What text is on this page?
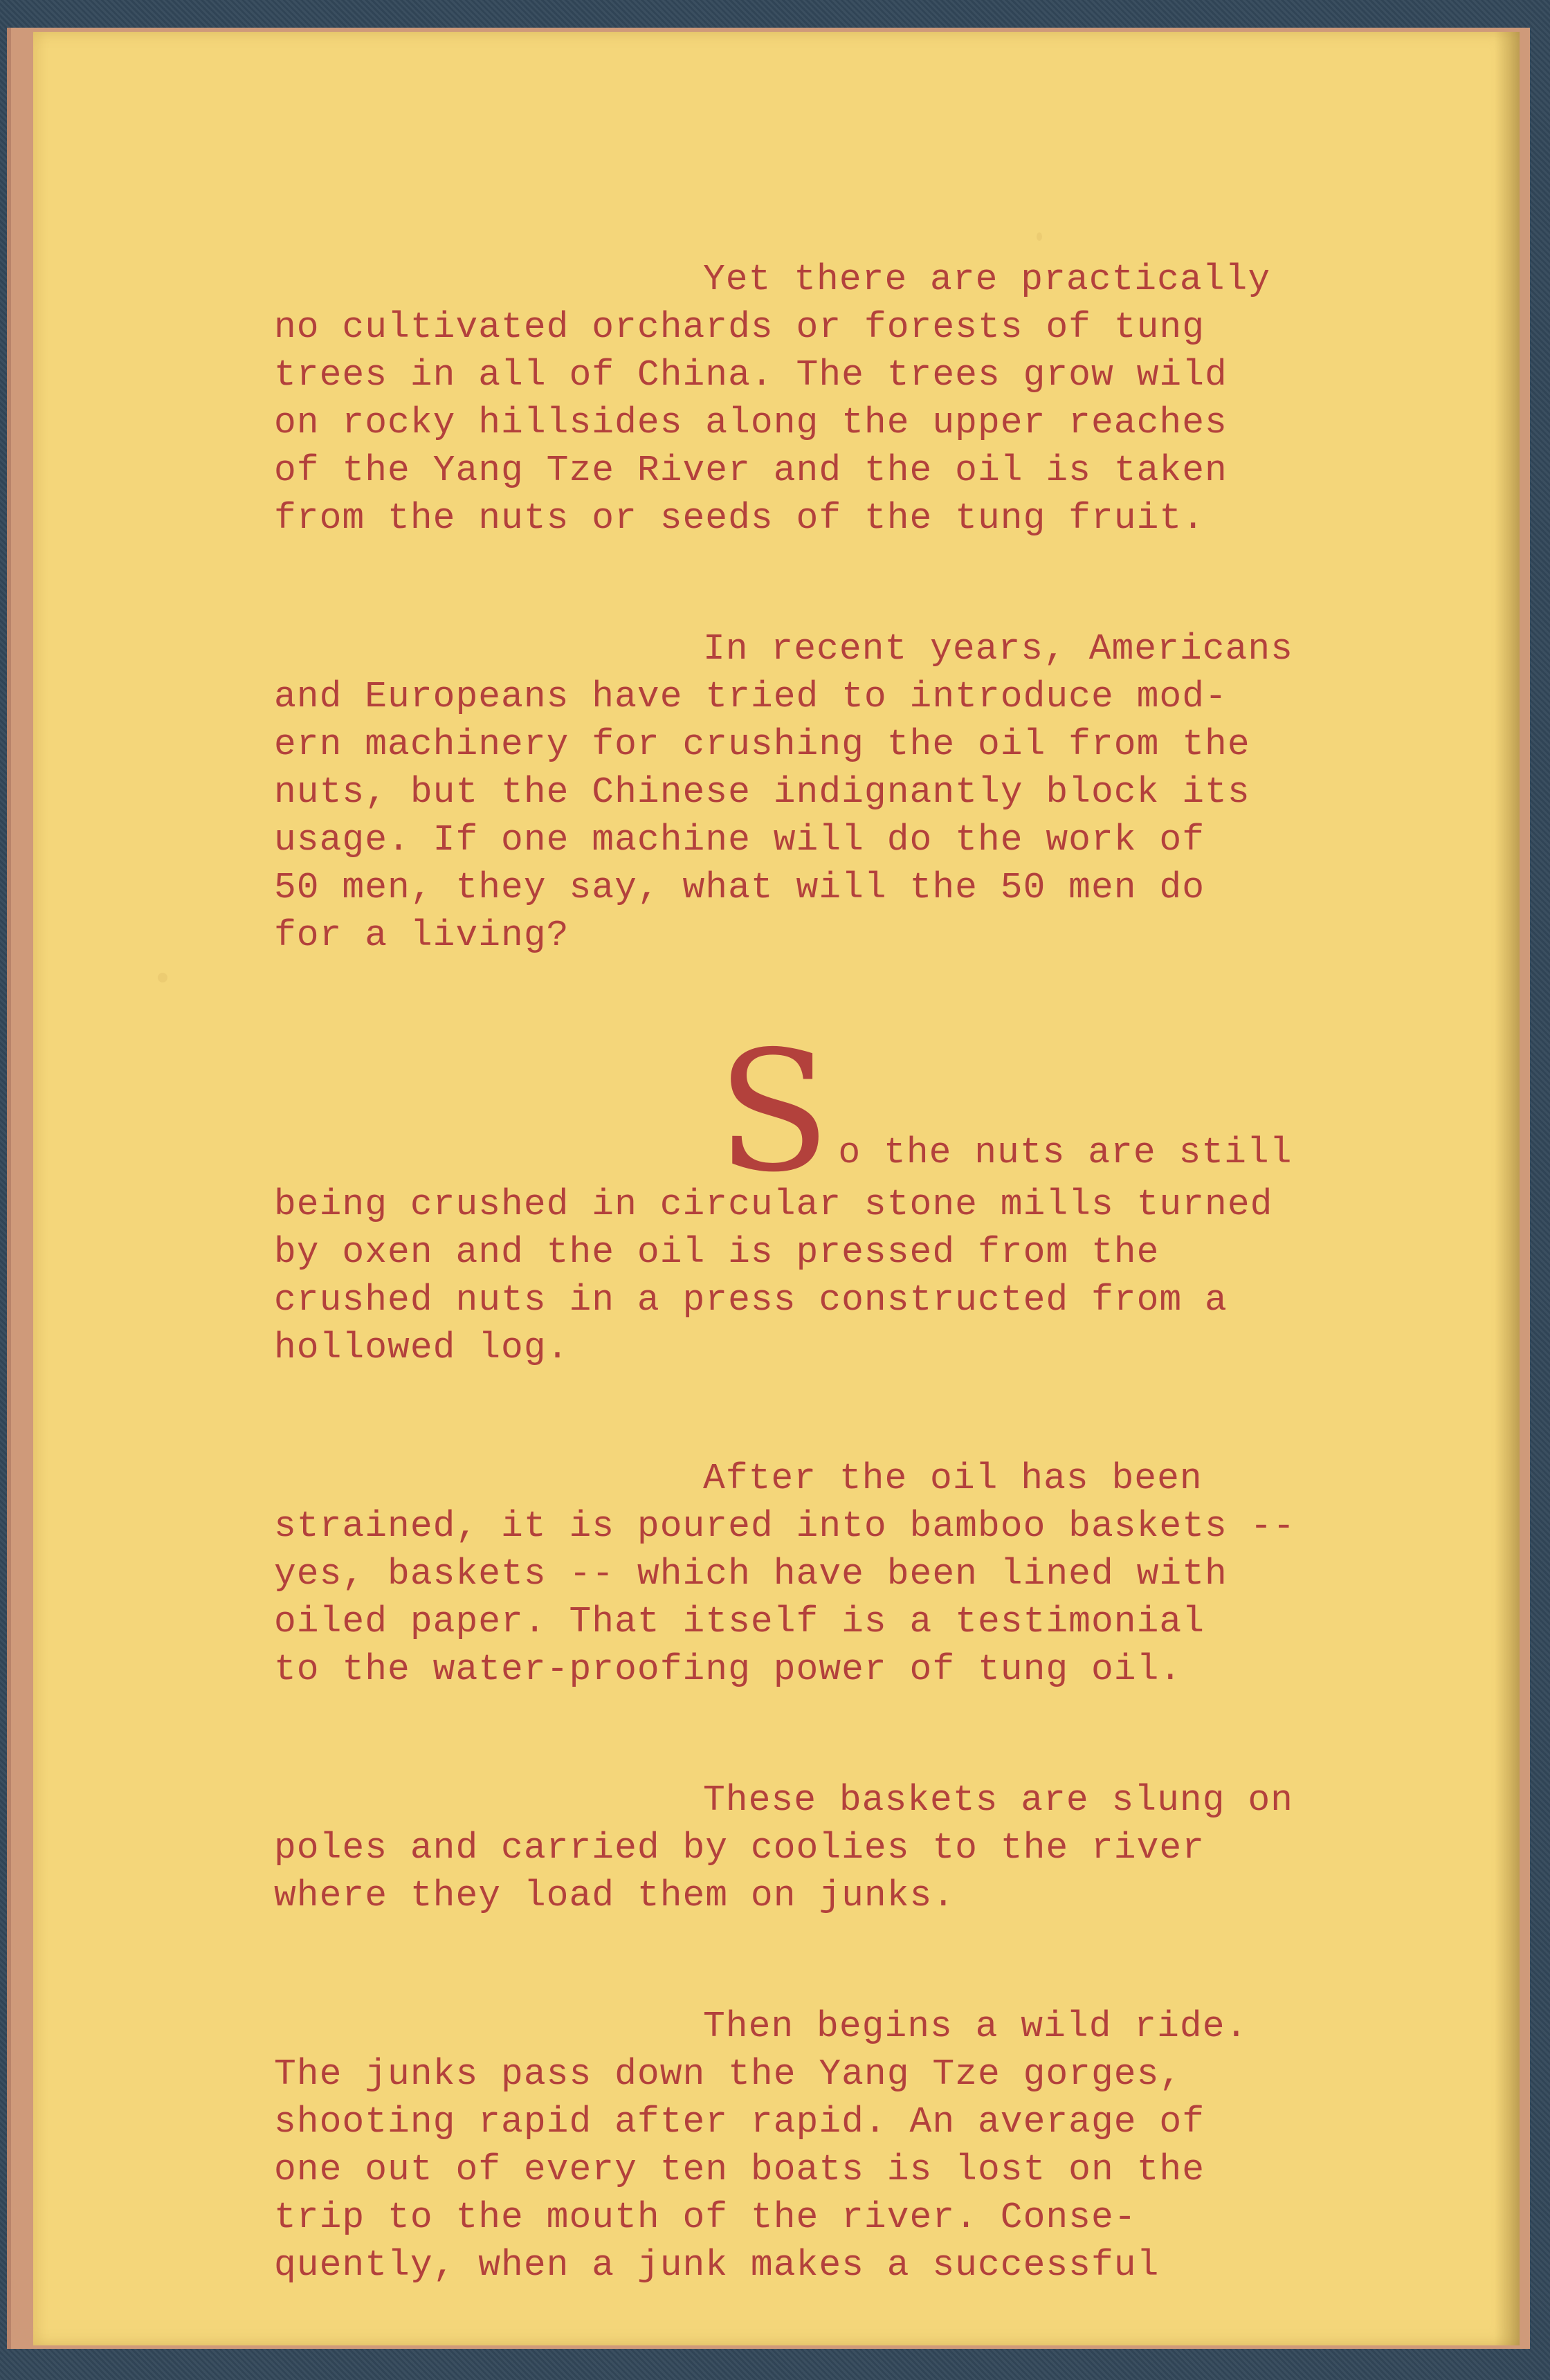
Yet there are practically
no cultivated orchards or forests of tung
trees in all of China. The trees grow wild
on rocky hillsides along the upper reaches
of the Yang Tze River and the oil is taken
from the nuts or seeds of the tung fruit.

In recent years, Americans
and Europeans have tried to introduce mod-
ern machinery for crushing the oil from the
nuts, but the Chinese indignantly block its
usage. If one machine will do the work of
50 men, they say, what will the 50 men do
for a living?

So the nuts are still
being crushed in circular stone mills turned
by oxen and the oil is pressed from the
crushed nuts in a press constructed from a
hollowed log.

After the oil has been
strained, it is poured into bamboo baskets --
yes, baskets -- which have been lined with
oiled paper. That itself is a testimonial
to the water-proofing power of tung oil.

These baskets are slung on
poles and carried by coolies to the river
where they load them on junks.

Then begins a wild ride.
The junks pass down the Yang Tze gorges,
shooting rapid after rapid. An average of
one out of every ten boats is lost on the
trip to the mouth of the river. Conse-
quently, when a junk makes a successful
